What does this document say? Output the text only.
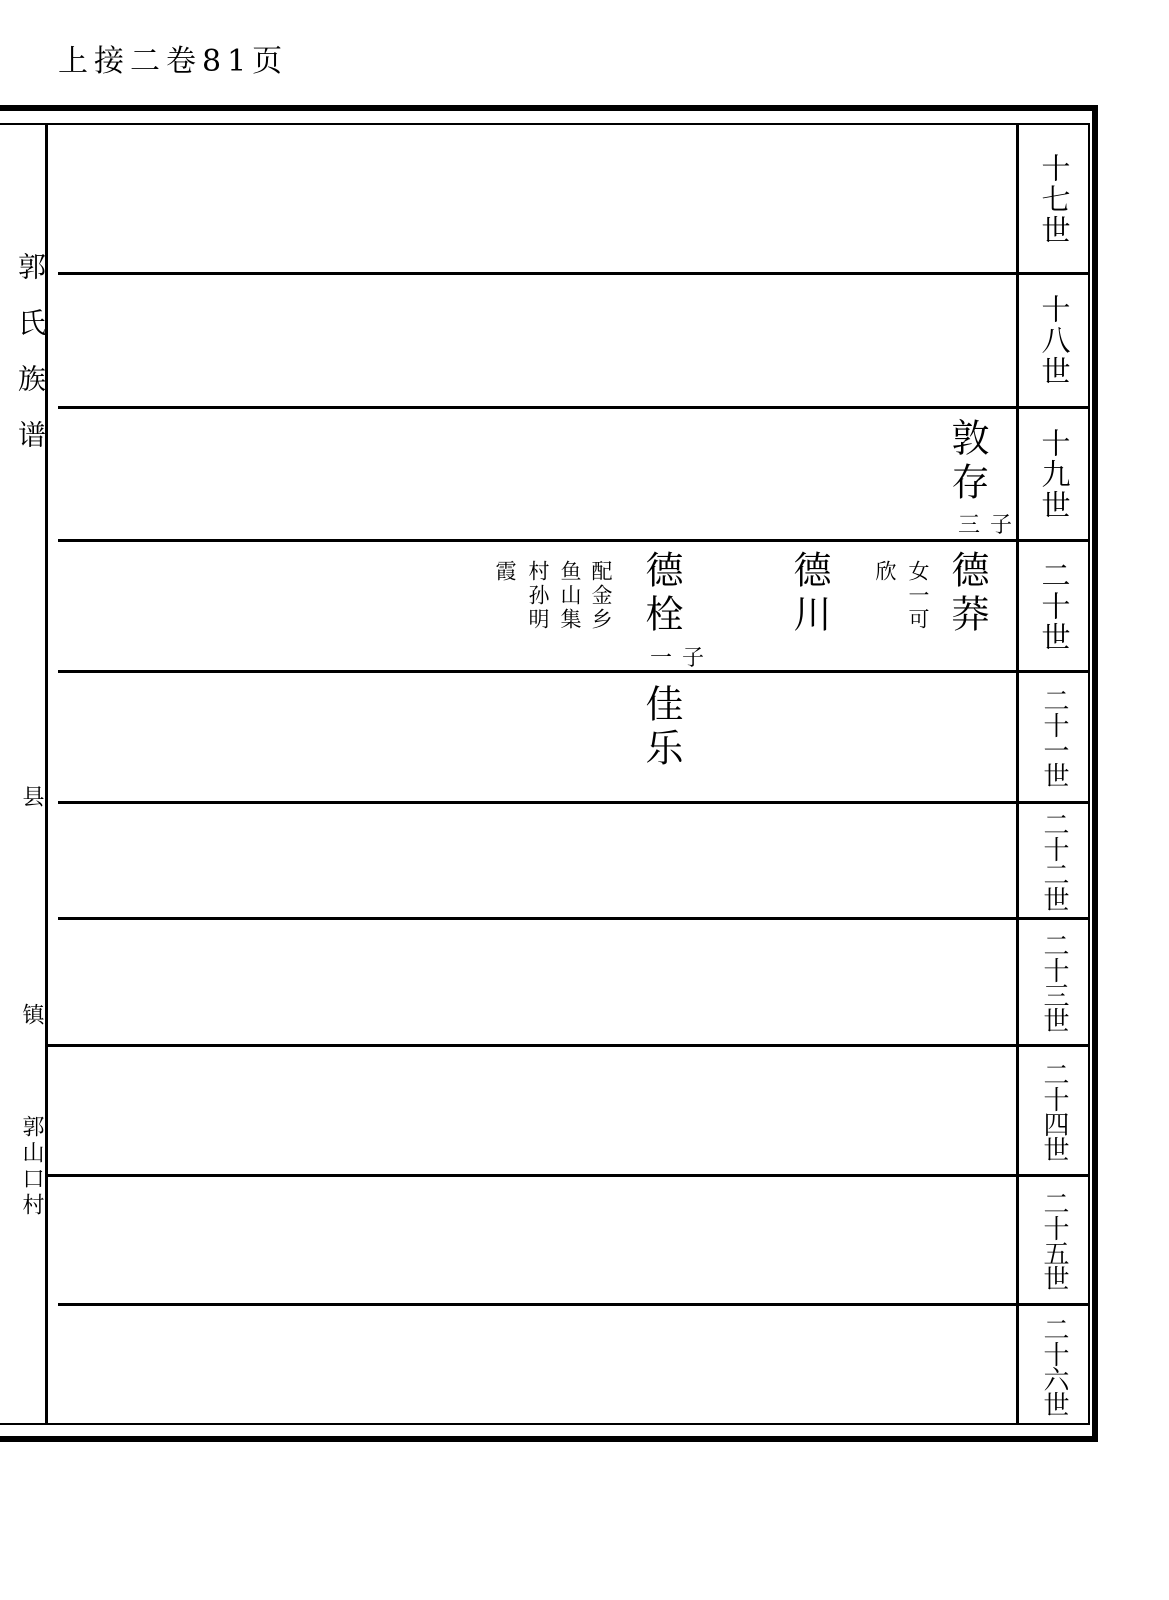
上接二卷81页
郭氏族谱
县
镇
郭山口村
十七世
十八世
十九世
二十世
二十一世
二十二世
二十三世
二十四世
二十五世
二十六世
敦存
三子
德莽
女一可
欣
德川
德栓
一子
配金乡
鱼山集
村孙明
霞
佳乐
